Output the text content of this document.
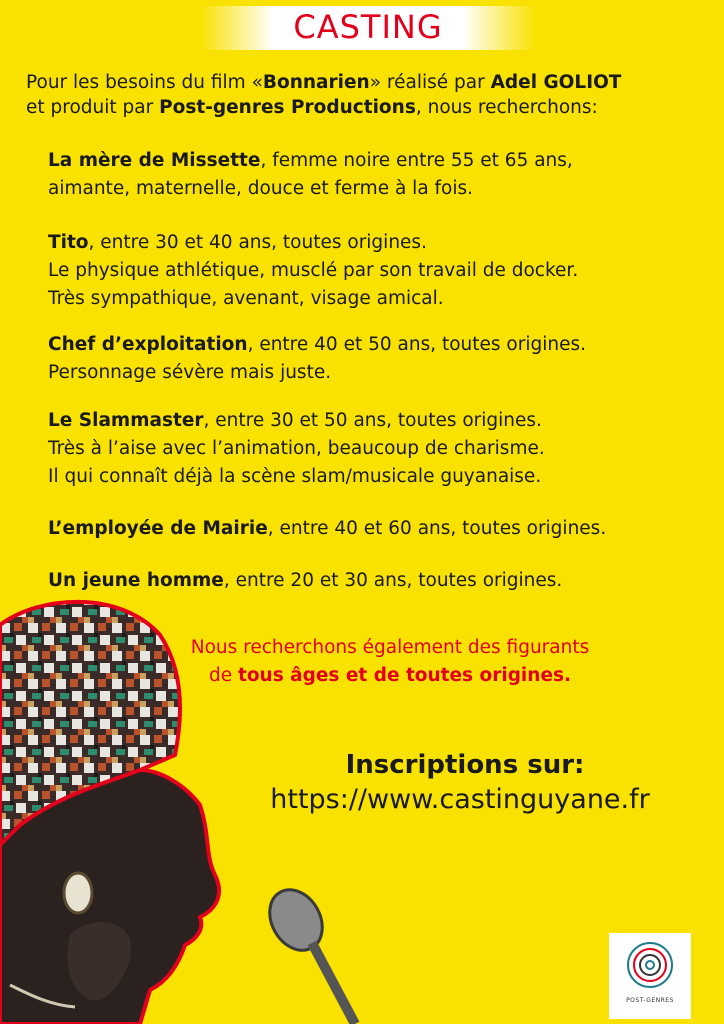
CASTING
Pour les besoins du film «Bonnarien» réalisé par Adel GOLIOT
et produit par Post-genres Productions, nous recherchons:
La mère de Missette, femme noire entre 55 et 65 ans,
aimante, maternelle, douce et ferme à la fois.
Tito, entre 30 et 40 ans, toutes origines.
Le physique athlétique, musclé par son travail de docker.
Très sympathique, avenant, visage amical.
Chef d’exploitation, entre 40 et 50 ans, toutes origines.
Personnage sévère mais juste.
Le Slammaster, entre 30 et 50 ans, toutes origines.
Très à l’aise avec l’animation, beaucoup de charisme.
Il qui connaît déjà la scène slam/musicale guyanaise.
L’employée de Mairie, entre 40 et 60 ans, toutes origines.
Un jeune homme, entre 20 et 30 ans, toutes origines.
Nous recherchons également des figurants
de tous âges et de toutes origines.
Inscriptions sur:
https://www.castinguyane.fr
POST-GENRES
